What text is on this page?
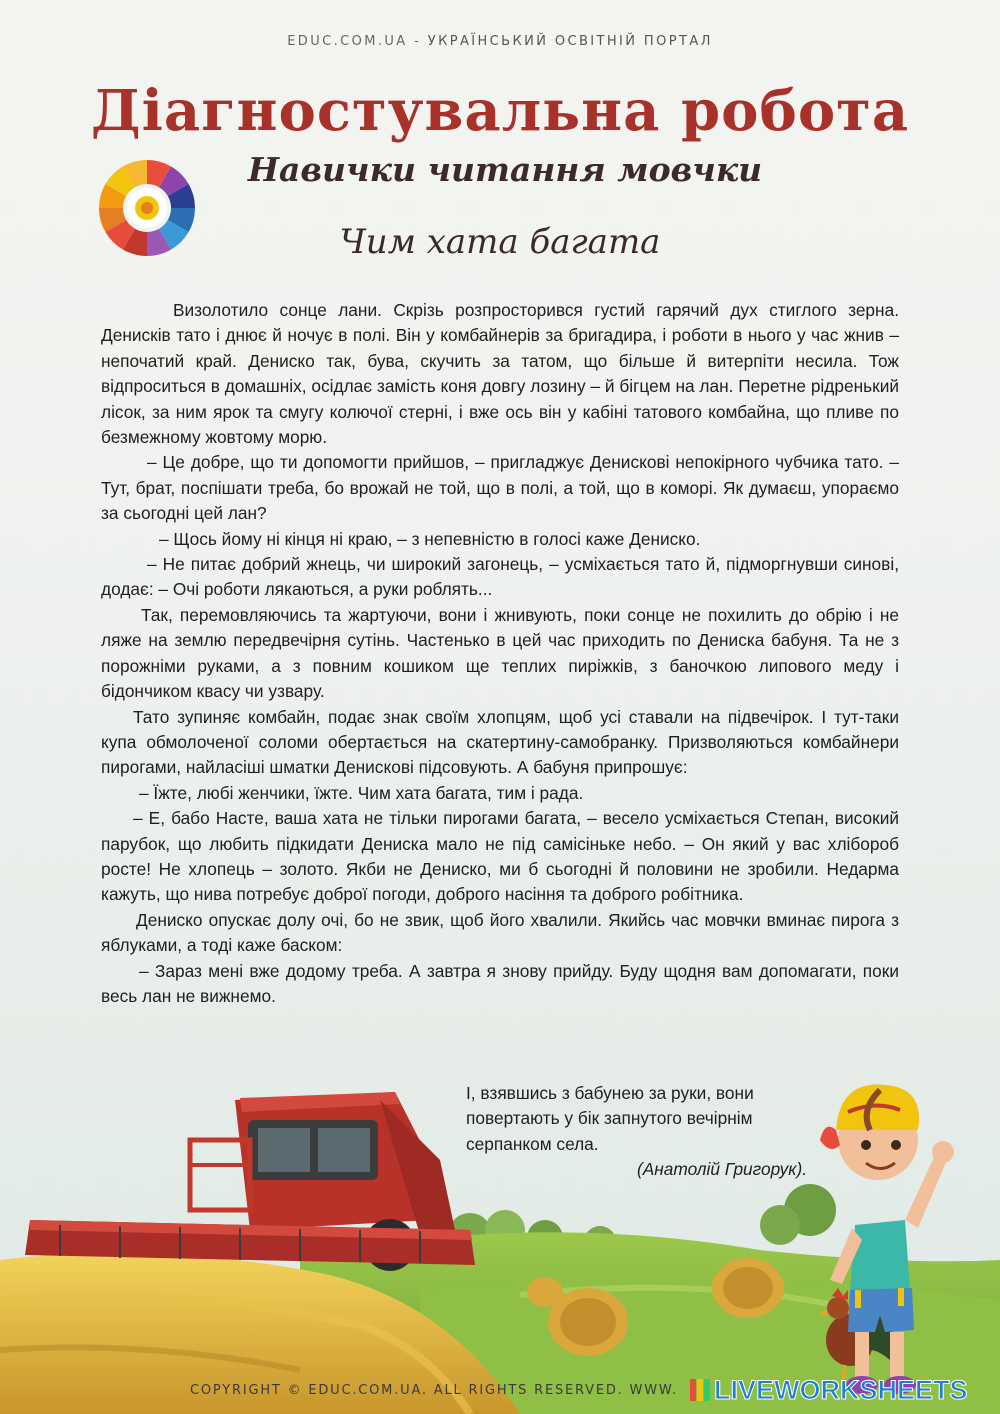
EDUC.COM.UA - УКРАЇНСЬКИЙ ОСВІТНІЙ ПОРТАЛ
Діагностувальна робота
Навички читання мовчки
Чим хата багата

Визолотило сонце лани. Скрізь розпросторився густий гарячий дух стиглого зерна. Денисків тато і днює й ночує в полі. Він у комбайнерів за бригадира, і роботи в нього у час жнив – непочатий край. Дениско так, бува, скучить за татом, що більше й витерпіти несила. Тож відпроситься в домашніх, осідлає замість коня довгу лозину – й бігцем на лан. Перетне рідренький лісок, за ним ярок та смугу колючої стерні, і вже ось він у кабіні татового комбайна, що пливе по безмежному жовтому морю.

– Це добре, що ти допомогти прийшов, – пригладжує Денискові непокірного чубчика тато. – Тут, брат, поспішати треба, бо врожай не той, що в полі, а той, що в коморі. Як думаєш, упораємо за сьогодні цей лан?

– Щось йому ні кінця ні краю, – з непевністю в голосі каже Дениско.

– Не питає добрий жнець, чи широкий загонець, – усміхається тато й, підморгнувши синові, додає: – Очі роботи лякаються, а руки роблять...

Так, перемовляючись та жартуючи, вони і жнивують, поки сонце не похилить до обрію і не ляже на землю передвечірня сутінь. Частенько в цей час приходить по Дениска бабуня. Та не з порожніми руками, а з повним кошиком ще теплих пиріжків, з баночкою липового меду і бідончиком квасу чи узвару.

Тато зупиняє комбайн, подає знак своїм хлопцям, щоб усі ставали на підвечірок. І тут-таки купа обмолоченої соломи обертається на скатертину-самобранку. Призволяються комбайнери пирогами, найласіші шматки Денискові підсовують. А бабуня припрошує:

– Їжте, любі женчики, їжте. Чим хата багата, тим і рада.

– Е, бабо Насте, ваша хата не тільки пирогами багата, – весело усміхається Степан, високий парубок, що любить підкидати Дениска мало не під самісіньке небо. – Он який у вас хлібороб росте! Не хлопець – золото. Якби не Дениско, ми б сьогодні й половини не зробили. Недарма кажуть, що нива потребує доброї погоди, доброго насіння та доброго робітника.

Дениско опускає долу очі, бо не звик, щоб його хвалили. Якийсь час мовчки вминає пирога з яблуками, а тоді каже баском:

– Зараз мені вже додому треба. А завтра я знову прийду. Буду щодня вам допомагати, поки весь лан не вижнемо.

І, взявшись з бабунею за руки, вони повертають у бік запнутого вечірнім серпанком села.

(Анатолій Григорук).

COPYRIGHT © EDUC.COM.UA. ALL RIGHTS RESERVED. WWW. LIVEWORKSHEETS
